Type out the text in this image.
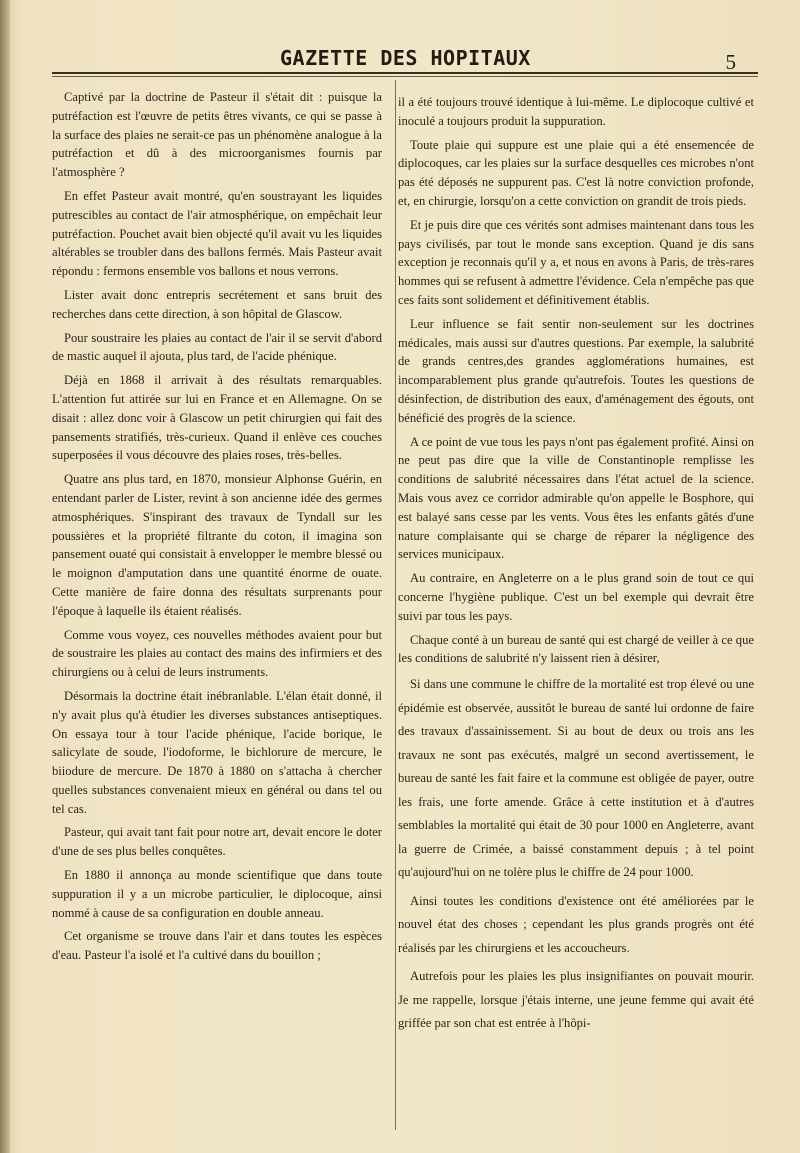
GAZETTE DES HOPITAUX	5

Captivé par la doctrine de Pasteur il s'était dit : puisque la putréfaction est l'œuvre de petits êtres vivants, ce qui se passe à la surface des plaies ne serait-ce pas un phénomène analogue à la putréfaction et dû à des microorganismes fournis par l'atmosphère ?

En effet Pasteur avait montré, qu'en soustrayant les liquides putrescibles au contact de l'air atmosphérique, on empêchait leur putréfaction. Pouchet avait bien objecté qu'il avait vu les liquides altérables se troubler dans des ballons fermés. Mais Pasteur avait répondu : fermons ensemble vos ballons et nous verrons.

Lister avait donc entrepris secrétement et sans bruit des recherches dans cette direction, à son hôpital de Glascow.

Pour soustraire les plaies au contact de l'air il se servit d'abord de mastic auquel il ajouta, plus tard, de l'acide phénique.

Déjà en 1868 il arrivait à des résultats remarquables. L'attention fut attirée sur lui en France et en Allemagne. On se disait : allez donc voir à Glascow un petit chirurgien qui fait des pansements stratifiés, très-curieux. Quand il enlève ces couches superposées il vous découvre des plaies roses, très-belles.

Quatre ans plus tard, en 1870, monsieur Alphonse Guérin, en entendant parler de Lister, revint à son ancienne idée des germes atmosphériques. S'inspirant des travaux de Tyndall sur les poussières et la propriété filtrante du coton, il imagina son pansement ouaté qui consistait à envelopper le membre blessé ou le moignon d'amputation dans une quantité énorme de ouate. Cette manière de faire donna des résultats surprenants pour l'époque à laquelle ils étaient réalisés.

Comme vous voyez, ces nouvelles méthodes avaient pour but de soustraire les plaies au contact des mains des infirmiers et des chirurgiens ou à celui de leurs instruments.

Désormais la doctrine était inébranlable. L'élan était donné, il n'y avait plus qu'à étudier les diverses substances antiseptiques. On essaya tour à tour l'acide phénique, l'acide borique, le salicylate de soude, l'iodoforme, le bichlorure de mercure, le biiodure de mercure. De 1870 à 1880 on s'attacha à chercher quelles substances convenaient mieux en général ou dans tel ou tel cas.

Pasteur, qui avait tant fait pour notre art, devait encore le doter d'une de ses plus belles conquêtes.

En 1880 il annonça au monde scientifique que dans toute suppuration il y a un microbe particulier, le diplocoque, ainsi nommé à cause de sa configuration en double anneau.

Cet organisme se trouve dans l'air et dans toutes les espèces d'eau. Pasteur l'a isolé et l'a cultivé dans du bouillon ;

il a été toujours trouvé identique à lui-même. Le diplocoque cultivé et inoculé a toujours produit la suppuration.

Toute plaie qui suppure est une plaie qui a été ensemencée de diplocoques, car les plaies sur la surface desquelles ces microbes n'ont pas été déposés ne suppurent pas. C'est là notre conviction profonde, et, en chirurgie, lorsqu'on a cette conviction on grandit de trois pieds.

Et je puis dire que ces vérités sont admises maintenant dans tous les pays civilisés, par tout le monde sans exception. Quand je dis sans exception je reconnais qu'il y a, et nous en avons à Paris, de très-rares hommes qui se refusent à admettre l'évidence. Cela n'empêche pas que ces faits sont solidement et définitivement établis.

Leur influence se fait sentir non-seulement sur les doctrines médicales, mais aussi sur d'autres questions. Par exemple, la salubrité de grands centres,des grandes agglomérations humaines, est incomparablement plus grande qu'autrefois. Toutes les questions de désinfection, de distribution des eaux, d'aménagement des égouts, ont bénéficié des progrès de la science.

A ce point de vue tous les pays n'ont pas également profité. Ainsi on ne peut pas dire que la ville de Constantinople remplisse les conditions de salubrité nécessaires dans l'état actuel de la science. Mais vous avez ce corridor admirable qu'on appelle le Bosphore, qui est balayé sans cesse par les vents. Vous êtes les enfants gâtés d'une nature complaisante qui se charge de réparer la négligence des services municipaux.

Au contraire, en Angleterre on a le plus grand soin de tout ce qui concerne l'hygiène publique. C'est un bel exemple qui devrait être suivi par tous les pays.

Chaque conté à un bureau de santé qui est chargé de veiller à ce que les conditions de salubrité n'y laissent rien à désirer,

Si dans une commune le chiffre de la mortalité est trop élevé ou une épidémie est observée, aussitôt le bureau de santé lui ordonne de faire des travaux d'assainissement. Si au bout de deux ou trois ans les travaux ne sont pas exécutés, malgré un second avertissement, le bureau de santé les fait faire et la commune est obligée de payer, outre les frais, une forte amende. Grâce à cette institution et à d'autres semblables la mortalité qui était de 30 pour 1000 en Angleterre, avant la guerre de Crimée, a baissé constamment depuis ; à tel point qu'aujourd'hui on ne tolère plus le chiffre de 24 pour 1000.

Ainsi toutes les conditions d'existence ont été améliorées par le nouvel état des choses ; cependant les plus grands progrès ont été réalisés par les chirurgiens et les accoucheurs.

Autrefois pour les plaies les plus insignifiantes on pouvait mourir. Je me rappelle, lorsque j'étais interne, une jeune femme qui avait été griffée par son chat est entrée à l'hôpi-
